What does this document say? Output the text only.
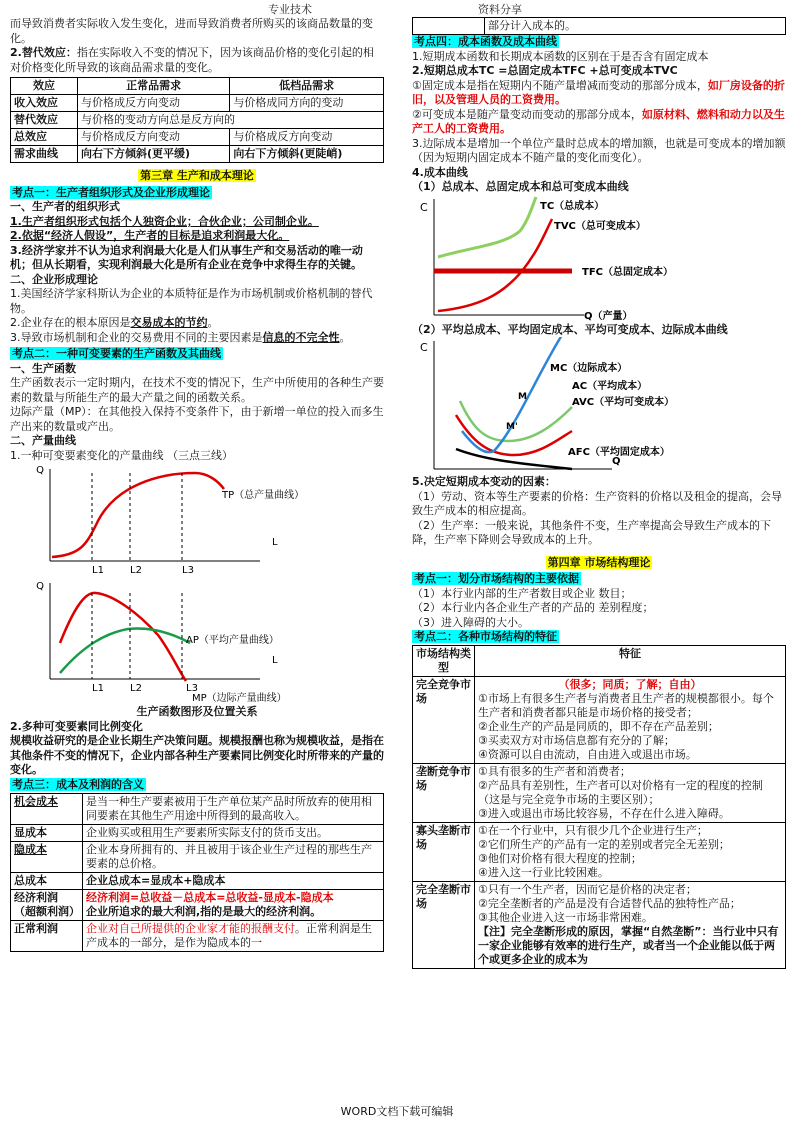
专业技术	资料分享

而导致消费者实际收入发生变化，进而导致消费者所购买的该商品数量的变化。

2.替代效应：指在实际收入不变的情况下，因为该商品价格的变化引起的相对价格变化所导致的该商品需求量的变化。

效应	正常品需求	低档品需求
收入效应	与价格成反方向变动	与价格成同方向的变动
替代效应	与价格的变动方向总是反方向的	
总效应	与价格成反方向变动	与价格成反方向变动
需求曲线	向右下方倾斜(更平缓)	向右下方倾斜(更陡峭)
第三章 生产和成本理论

考点一：生产者组织形式及企业形成理论

一、生产者的组织形式

1.生产者组织形式包括个人独资企业；合伙企业；公司制企业。

2.依据“经济人假设”，生产者的目标是追求利润最大化。

3.经济学家并不认为追求利润最大化是人们从事生产和交易活动的唯一动机；但从长期看，实现利润最大化是所有企业在竞争中求得生存的关键。

二、企业形成理论

1.美国经济学家科斯认为企业的本质特征是作为市场机制或价格机制的替代物。

2.企业存在的根本原因是交易成本的节约。

3.导致市场机制和企业的交易费用不同的主要因素是信息的不完全性。

考点二：一种可变要素的生产函数及其曲线

一、生产函数

生产函数表示一定时期内，在技术不变的情况下，生产中所使用的各种生产要素的数量与所能生产的最大产量之间的函数关系。

边际产量（MP）：在其他投入保持不变条件下，由于新增一单位的投入而多生产出来的数量或产出。

二、产量曲线

1.一种可变要素变化的产量曲线 （三点三线）

Q
L
TP（总产量曲线）
L1	L2	L3
Q
L
AP（平均产量曲线）
L1	L2	L3
MP（边际产量曲线）

生产函数图形及位置关系

2.多种可变要素同比例变化

规模收益研究的是企业长期生产决策问题。规模报酬也称为规模收益，是指在其他条件不变的情况下，企业内部各种生产要素同比例变化时所带来的产量的变化。

考点三：成本及利润的含义

机会成本	是当一种生产要素被用于生产单位某产品时所放弃的使用相同要素在其他生产用途中所得到的最高收入。
显成本	企业购买或租用生产要素所实际支付的货币支出。
隐成本	企业本身所拥有的、并且被用于该企业生产过程的那些生产要素的总价格。
总成本	企业总成本=显成本+隐成本
经济利润（超额利润）	经济利润=总收益－总成本=总收益-显成本-隐成本
企业所追求的最大利润,指的是最大的经济利润。
正常利润	企业对自己所提供的企业家才能的报酬支付。正常利润是生产成本的一部分，是作为隐成本的一
	部分计入成本的。

考点四：成本函数及成本曲线

1.短期成本函数和长期成本函数的区别在于是否含有固定成本

2.短期总成本TC =总固定成本TFC +总可变成本TVC

①固定成本是指在短期内不随产量增减而变动的那部分成本，如厂房设备的折旧，以及管理人员的工资费用。

②可变成本是随产量变动而变动的那部分成本，如原材料、燃料和动力以及生产工人的工资费用。

3.边际成本是增加一个单位产量时总成本的增加额，也就是可变成本的增加额（因为短期内固定成本不随产量的变化而变化）。

4.成本曲线

（1）总成本、总固定成本和总可变成本曲线

C	TC（总成本）
TVC（总可变成本）
TFC（总固定成本）
Q（产量）

（2）平均总成本、平均固定成本、平均可变成本、边际成本曲线

C
Q
M
M'
MC（边际成本）
AC（平均成本）
AVC（平均可变成本）
AFC（平均固定成本）

5.决定短期成本变动的因素：

（1）劳动、资本等生产要素的价格：生产资料的价格以及租金的提高，会导致生产成本的相应提高。

（2）生产率：一般来说，其他条件不变，生产率提高会导致生产成本的下降，生产率下降则会导致成本的上升。

第四章 市场结构理论

考点一：划分市场结构的主要依据

（1）本行业内部的生产者数目或企业 数目；

（2）本行业内各企业生产者的产品的 差别程度；

（3）进入障碍的大小。

考点二：各种市场结构的特征

市场结构类型	特征
完全竞争市场	（很多；同质；了解；自由）
①市场上有很多生产者与消费者且生产者的规模都很小。每个生产者和消费者都只能是市场价格的接受者；
②企业生产的产品是同质的，即不存在产品差别；
③买卖双方对市场信息都有充分的了解；
④资源可以自由流动，自由进入或退出市场。

垄断竞争市场	①具有很多的生产者和消费者；
②产品具有差别性，生产者可以对价格有一定的程度的控制（这是与完全竞争市场的主要区别）；
③进入或退出市场比较容易，不存在什么进入障碍。

寡头垄断市场	①在一个行业中，只有很少几个企业进行生产；
②它们所生产的产品有一定的差别或者完全无差别；
③他们对价格有很大程度的控制；
④进入这一行业比较困难。

完全垄断市场	①只有一个生产者，因而它是价格的决定者；
②完全垄断者的产品是没有合适替代品的独特性产品；
③其他企业进入这一市场非常困难。
【注】完全垄断形成的原因，掌握“自然垄断”：当行业中只有一家企业能够有效率的进行生产，或者当一个企业能以低于两个或更多企业的成本为
WORD文档下载可编辑
